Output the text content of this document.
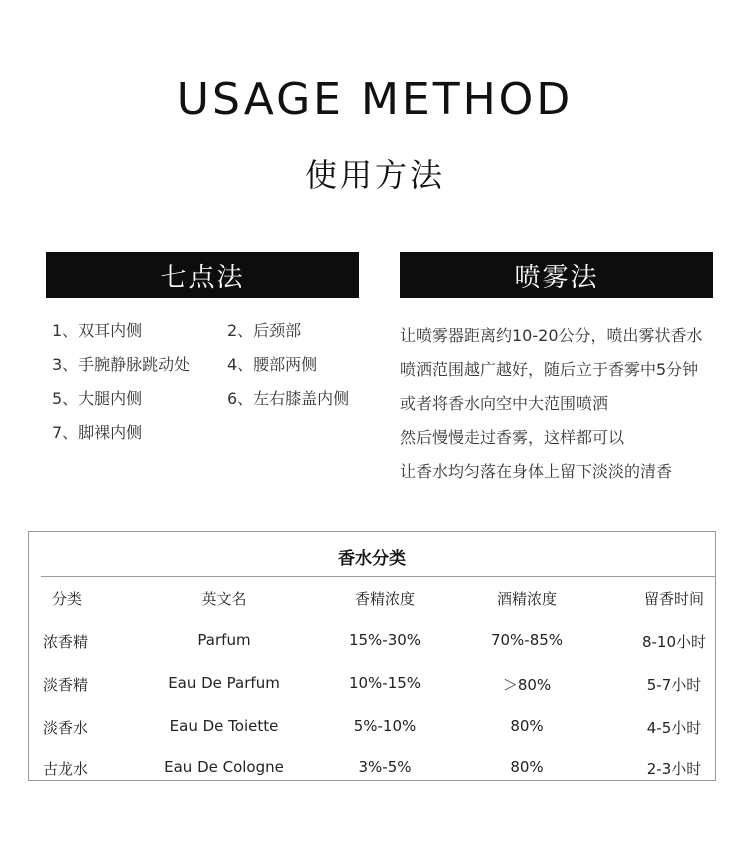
USAGE METHOD
使用方法
七点法	喷雾法
1、双耳内侧	2、后颈部
3、手腕静脉跳动处 4、腰部两侧
5、大腿内侧	6、左右膝盖内侧
7、脚裸内侧
让喷雾器距离约10-20公分，喷出雾状香水
喷洒范围越广越好，随后立于香雾中5分钟
或者将香水向空中大范围喷洒
然后慢慢走过香雾，这样都可以
让香水均匀落在身体上留下淡淡的清香
香水分类
分类	英文名	香精浓度	酒精浓度	留香时间
浓香精	Parfum	15%-30%	70%-85%	8-10小时
淡香精	Eau De Parfum	10%-15%	＞80%	5-7小时
淡香水	Eau De Toiette	5%-10%	80%	4-5小时
古龙水	Eau De Cologne	3%-5%	80%	2-3小时
